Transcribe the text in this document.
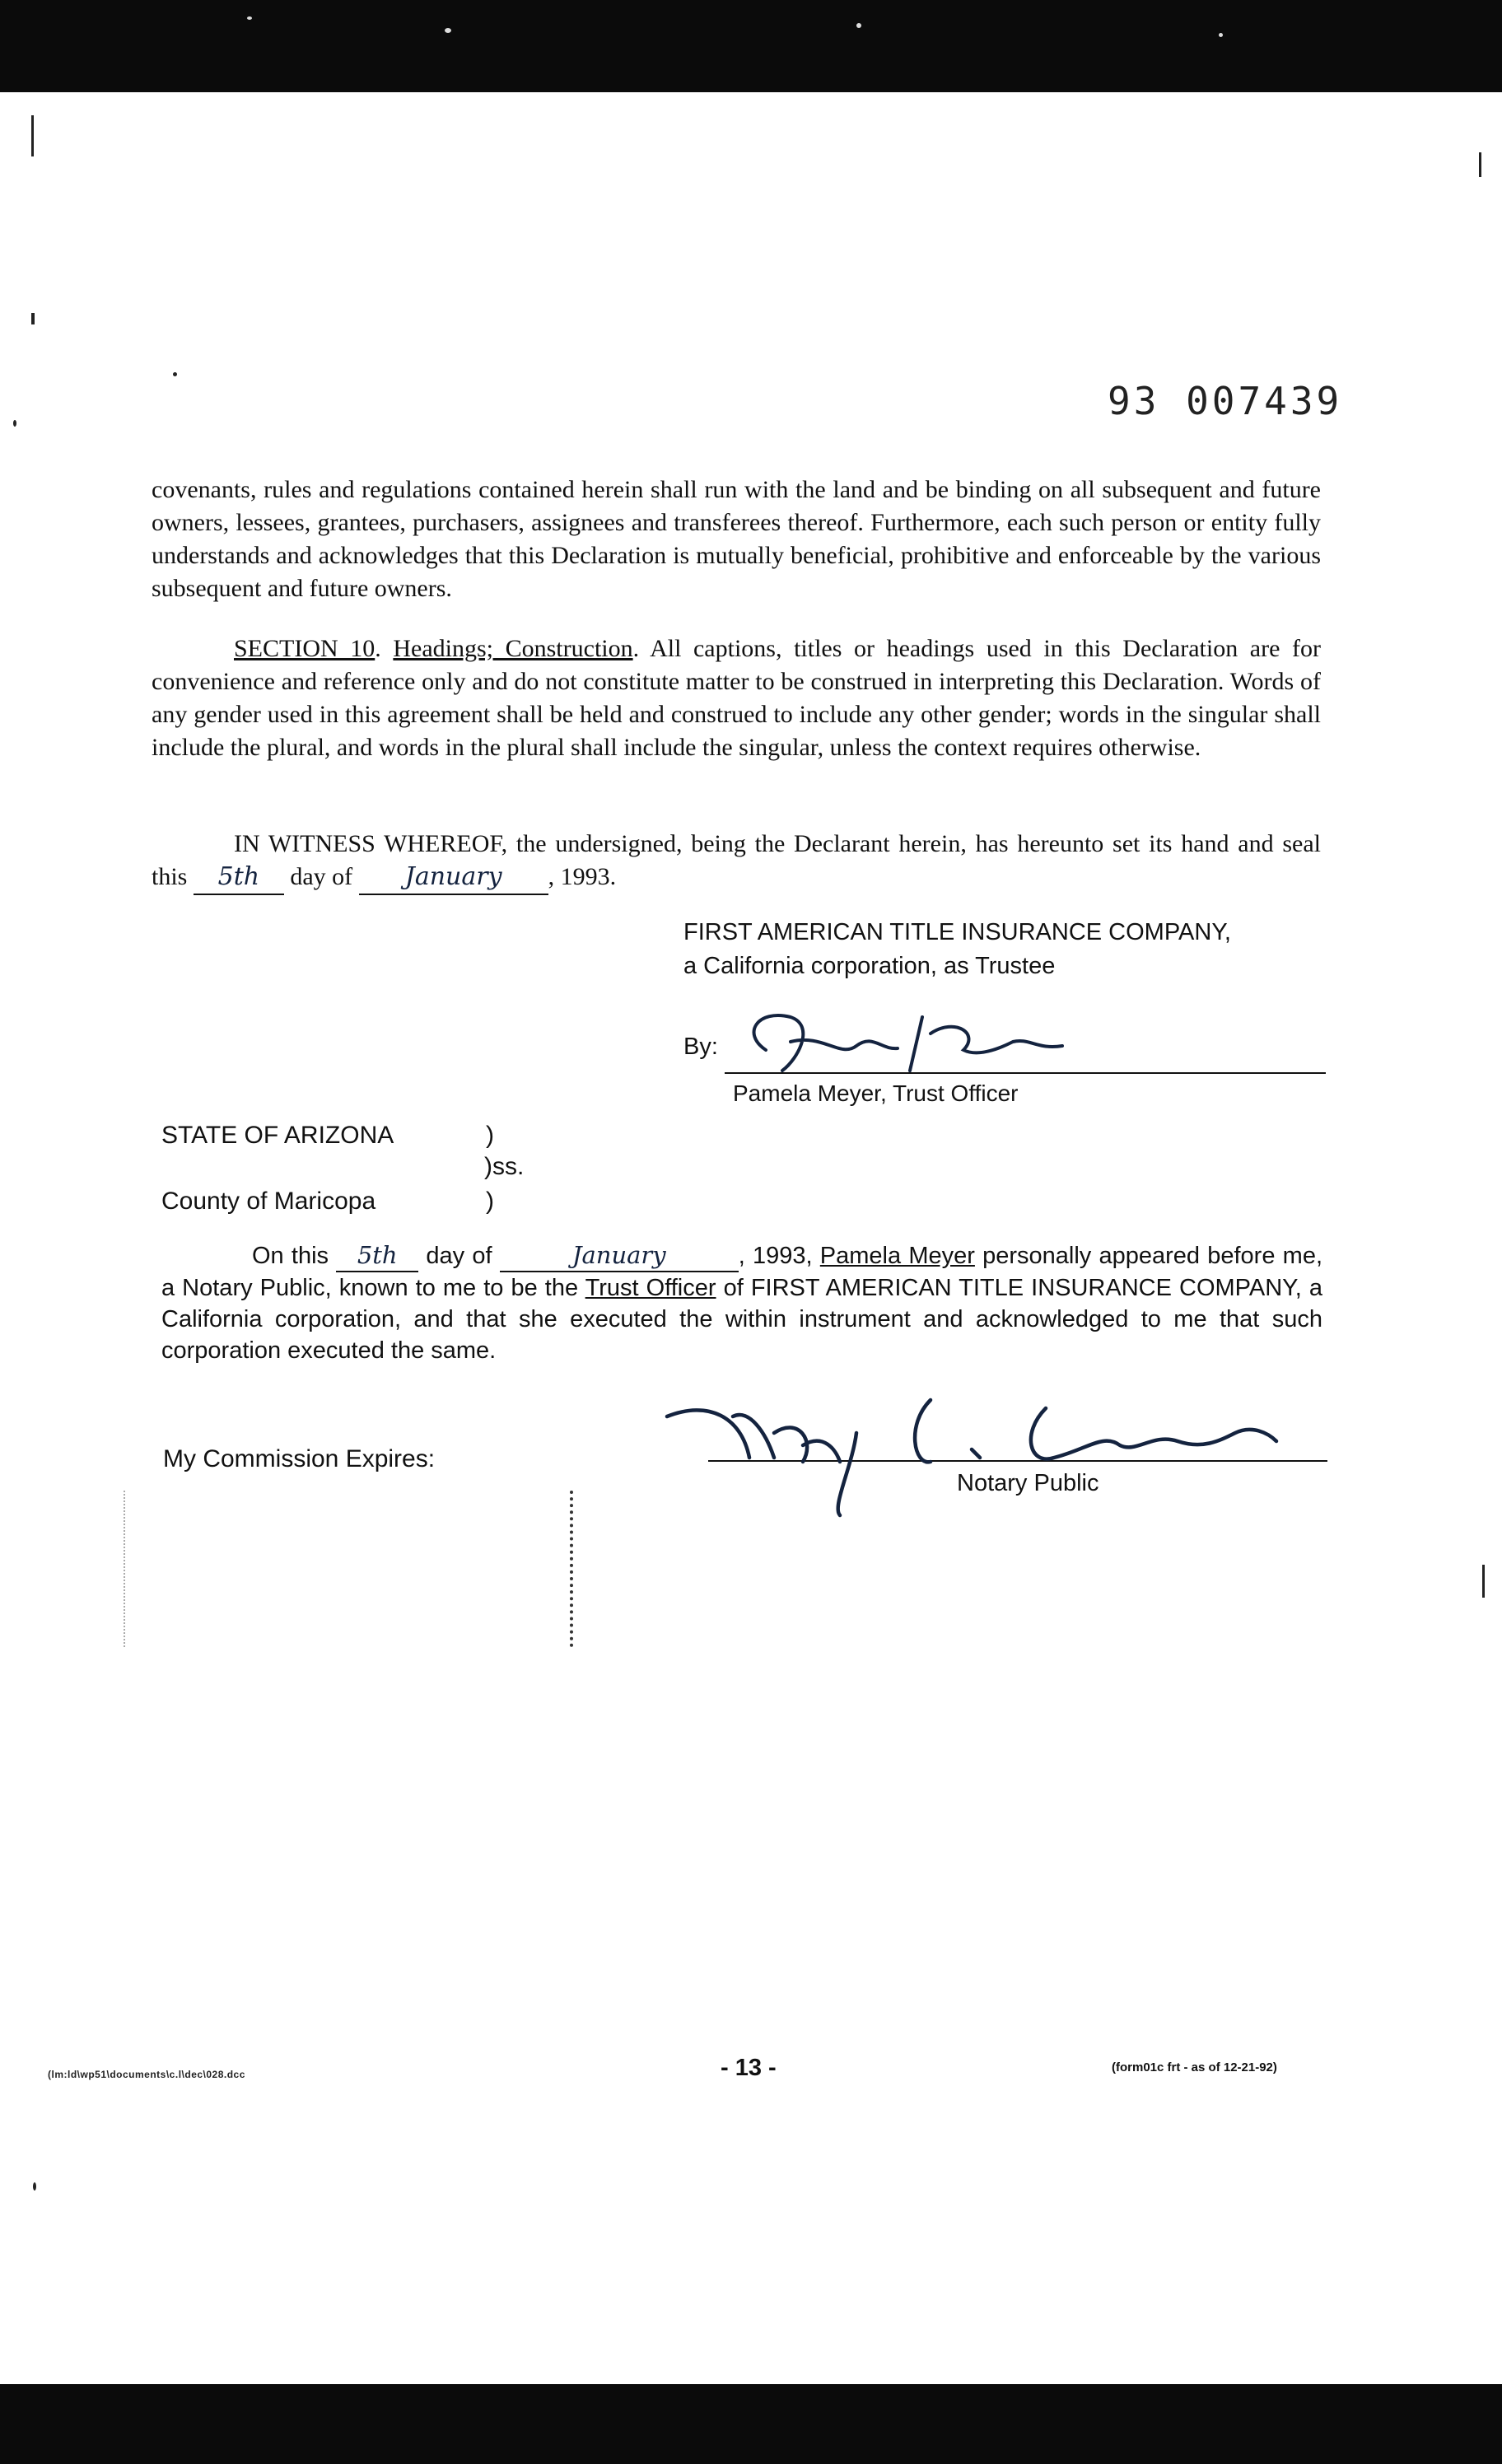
93 007439

covenants, rules and regulations contained herein shall run with the land and be binding on all subsequent and future owners, lessees, grantees, purchasers, assignees and transferees thereof. Furthermore, each such person or entity fully understands and acknowledges that this Declaration is mutually beneficial, prohibitive and enforceable by the various subsequent and future owners.

SECTION 10. Headings; Construction. All captions, titles or headings used in this Declaration are for convenience and reference only and do not constitute matter to be construed in interpreting this Declaration. Words of any gender used in this agreement shall be held and construed to include any other gender; words in the singular shall include the plural, and words in the plural shall include the singular, unless the context requires otherwise.

IN WITNESS WHEREOF, the undersigned, being the Declarant herein, has hereunto set its hand and seal this 5th day of January , 1993.

FIRST AMERICAN TITLE INSURANCE COMPANY,
a California corporation, as Trustee
By:
Pamela Meyer, Trust Officer
STATE OF ARIZONA	)
)ss.
County of Maricopa	)

On this 5th day of	January	, 1993, Pamela Meyer personally appeared before me, a Notary Public, known to me to be the Trust Officer of FIRST AMERICAN TITLE INSURANCE COMPANY, a California corporation, and that she executed the within instrument and acknowledged to me that such corporation executed the same.

My Commission Expires:
Notary Public
(lm:ld\wp51\documents\c.l\dec\028.dcc	- 13 -	(form01c frt - as of 12-21-92)
